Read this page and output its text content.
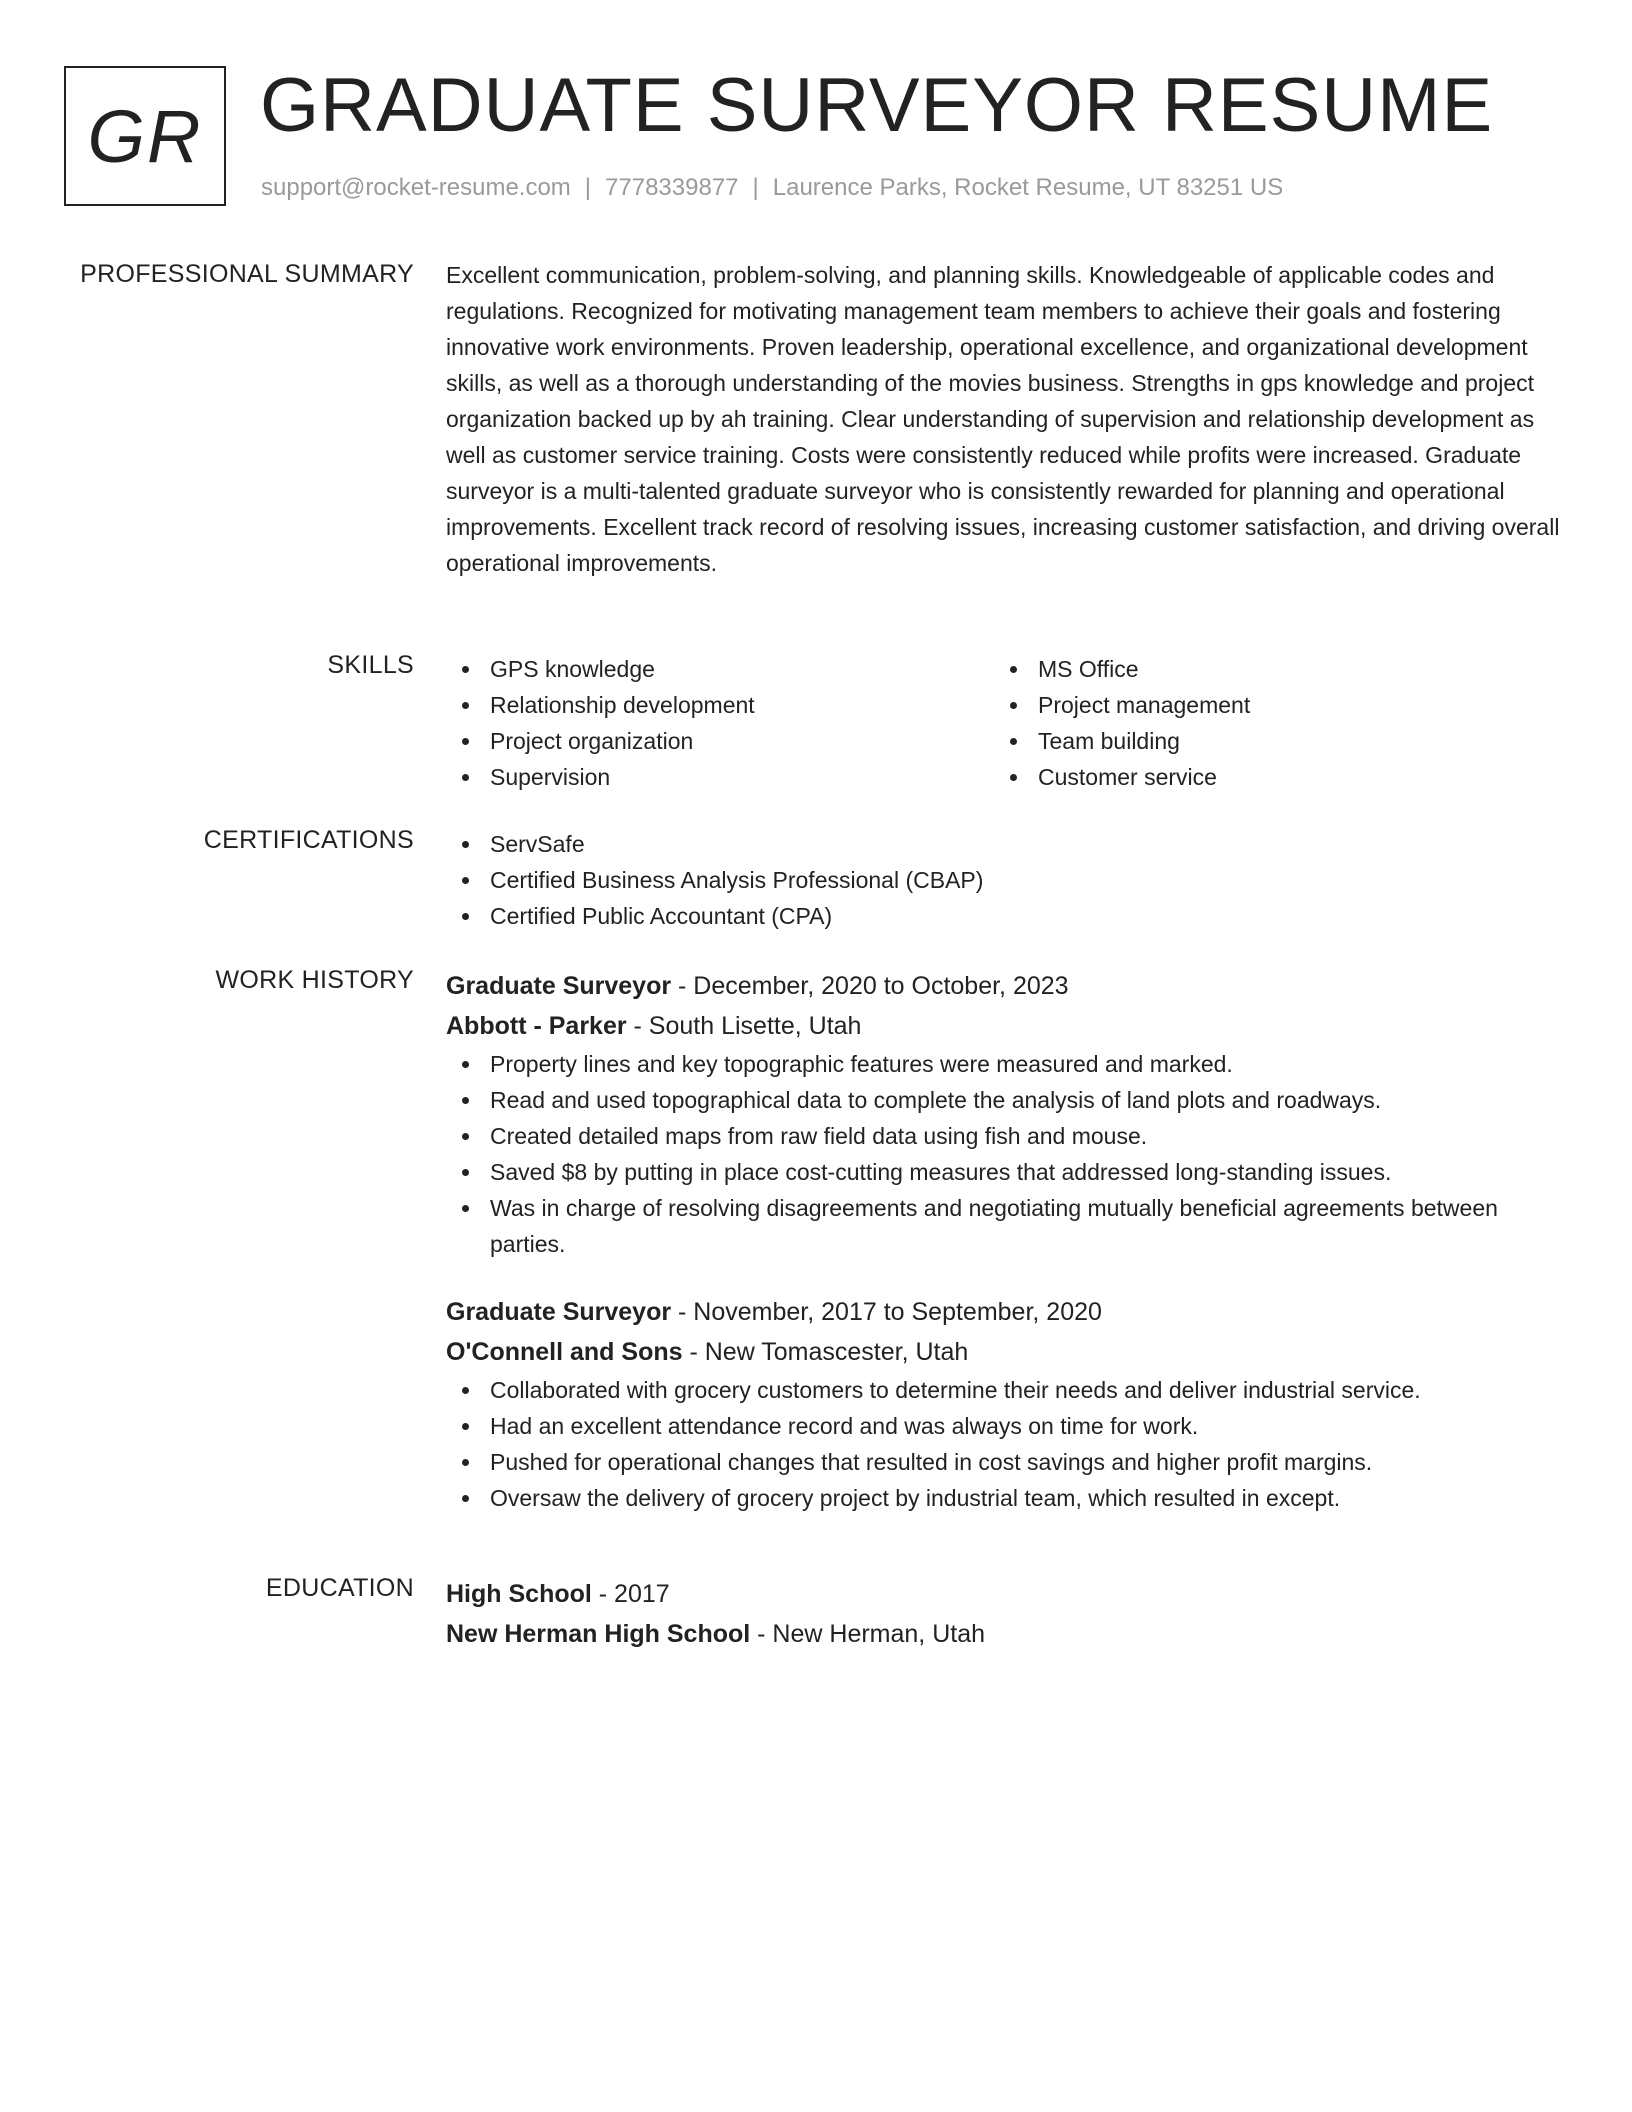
GR GRADUATE SURVEYOR RESUME
support@rocket-resume.com | 7778339877 | Laurence Parks, Rocket Resume, UT 83251 US
PROFESSIONAL SUMMARY Excellent communication, problem-solving, and planning skills. Knowledgeable of applicable codes and regulations. Recognized for motivating management team members to achieve their goals and fostering innovative work environments. Proven leadership, operational excellence, and organizational development skills, as well as a thorough understanding of the movies business. Strengths in gps knowledge and project organization backed up by ah training. Clear understanding of supervision and relationship development as well as customer service training. Costs were consistently reduced while profits were increased. Graduate surveyor is a multi-talented graduate surveyor who is consistently rewarded for planning and operational improvements. Excellent track record of resolving issues, increasing customer satisfaction, and driving overall operational improvements.

SKILLS	GPS knowledge
Relationship development
Project organization
Supervision
MS Office
Project management
Team building
Customer service
CERTIFICATIONS	ServSafe
Certified Business Analysis Professional (CBAP)
Certified Public Accountant (CPA)
WORK HISTORY Graduate Surveyor - December, 2020 to October, 2023
Abbott - Parker - South Lisette, Utah
Property lines and key topographic features were measured and marked.
Read and used topographical data to complete the analysis of land plots and roadways.
Created detailed maps from raw field data using fish and mouse.
Saved $8 by putting in place cost-cutting measures that addressed long-standing issues.
Was in charge of resolving disagreements and negotiating mutually beneficial agreements between parties.
Graduate Surveyor - November, 2017 to September, 2020
O'Connell and Sons - New Tomascester, Utah
Collaborated with grocery customers to determine their needs and deliver industrial service.
Had an excellent attendance record and was always on time for work.
Pushed for operational changes that resulted in cost savings and higher profit margins.
Oversaw the delivery of grocery project by industrial team, which resulted in except.
EDUCATION High School - 2017
New Herman High School - New Herman, Utah
